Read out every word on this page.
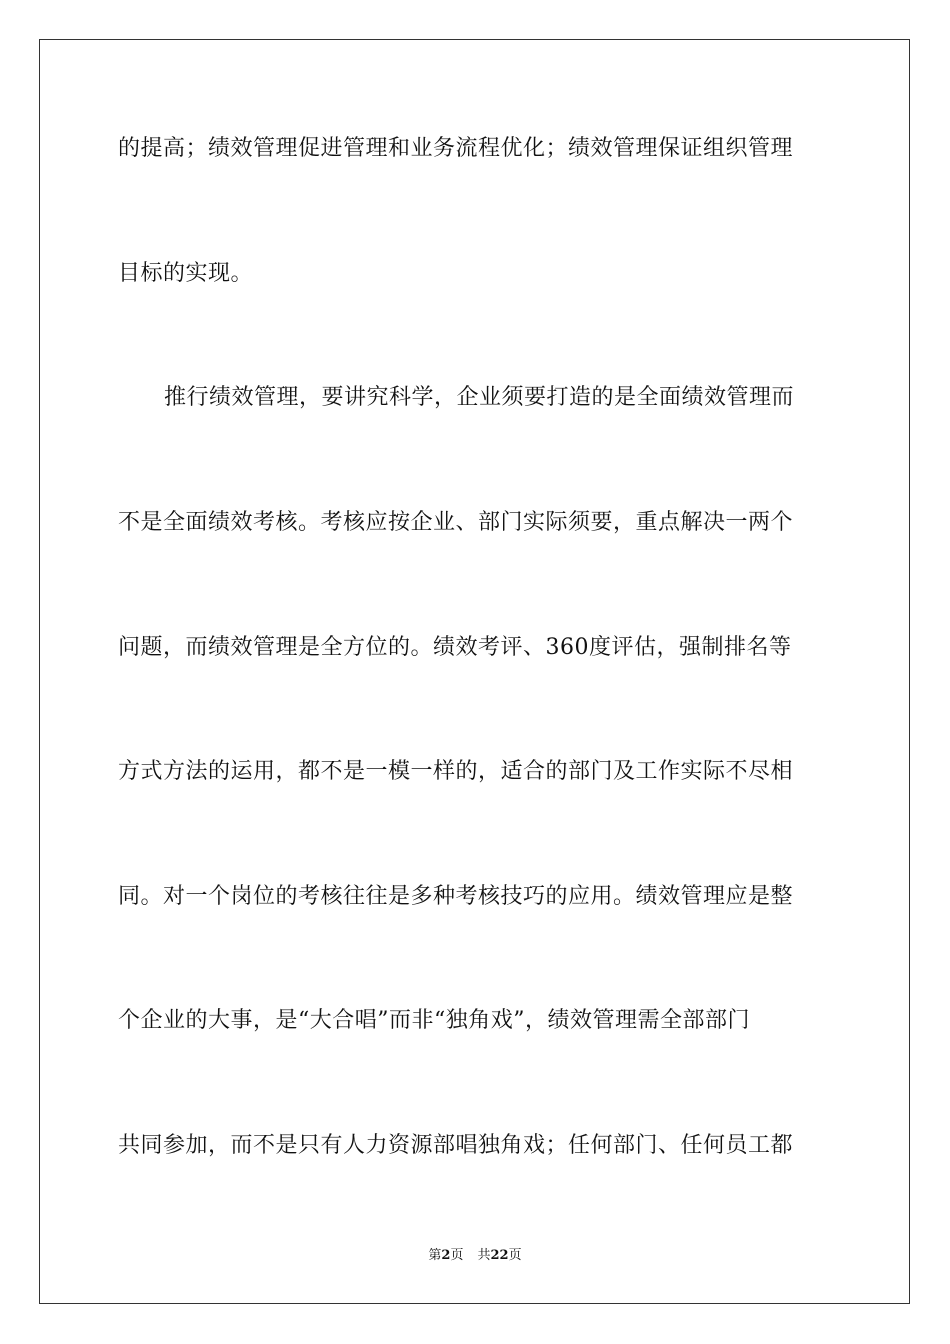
的提高；绩效管理促进管理和业务流程优化；绩效管理保证组织管理
目标的实现。
推行绩效管理，要讲究科学，企业须要打造的是全面绩效管理而
不是全面绩效考核。考核应按企业、部门实际须要，重点解决一两个
问题，而绩效管理是全方位的。绩效考评、360度评估，强制排名等
方式方法的运用，都不是一模一样的，适合的部门及工作实际不尽相
同。对一个岗位的考核往往是多种考核技巧的应用。绩效管理应是整
个企业的大事，是“大合唱”而非“独角戏”，绩效管理需全部部门
共同参加，而不是只有人力资源部唱独角戏；任何部门、任何员工都
第2页 共22页
